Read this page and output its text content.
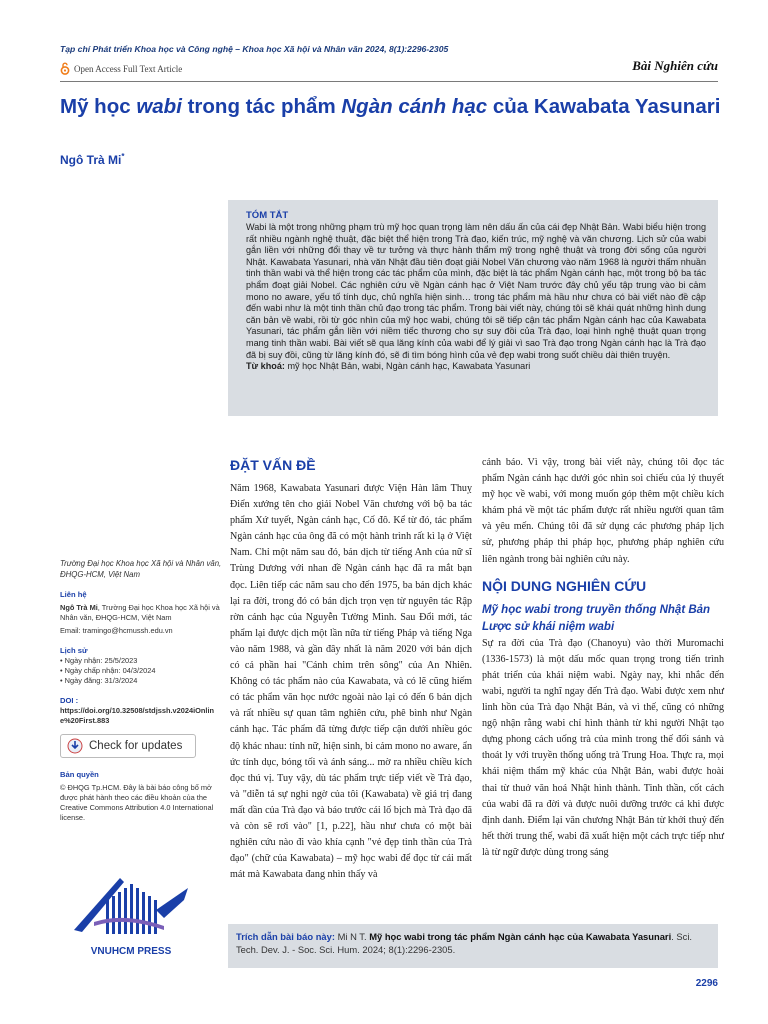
Tạp chí Phát triển Khoa học và Công nghệ – Khoa học Xã hội và Nhân văn 2024, 8(1):2296-2305
Open Access Full Text Article	Bài Nghiên cứu
Mỹ học wabi trong tác phẩm Ngàn cánh hạc của Kawabata Yasunari
Ngô Trà Mi*
TÓM TẮT
Wabi là một trong những phạm trù mỹ học quan trọng làm nên dấu ấn của cái đẹp Nhật Bản. Wabi biểu hiện trong rất nhiều ngành nghệ thuật, đặc biệt thể hiện trong Trà đạo, kiến trúc, mỹ nghệ và văn chương. Lịch sử của wabi gắn liền với những đổi thay về tư tưởng và thực hành thẩm mỹ trong nghệ thuật và trong đời sống của người Nhật. Kawabata Yasunari, nhà văn Nhật đầu tiên đoạt giải Nobel Văn chương vào năm 1968 là người thấm nhuần tinh thần wabi và thể hiện trong các tác phẩm của mình, đặc biệt là tác phẩm Ngàn cánh hạc, một trong bộ ba tác phẩm đoạt giải Nobel. Các nghiên cứu về Ngàn cánh hạc ở Việt Nam trước đây chủ yếu tập trung vào bi cảm mono no aware, yếu tố tính dục, chủ nghĩa hiện sinh… trong tác phẩm mà hầu như chưa có bài viết nào đề cập đến wabi như là một tinh thần chủ đạo trong tác phẩm. Trong bài viết này, chúng tôi sẽ khái quát những hình dung căn bản về wabi, rồi từ góc nhìn của mỹ học wabi, chúng tôi sẽ tiếp cận tác phẩm Ngàn cánh hạc của Kawabata Yasunari, tác phẩm gắn liền với niềm tiếc thương cho sự suy đồi của Trà đạo, loại hình nghệ thuật quan trọng mang tinh thần wabi. Bài viết sẽ qua lăng kính của wabi để lý giải vì sao Trà đạo trong Ngàn cánh hạc là Trà đạo đã bị suy đồi, cũng từ lăng kính đó, sẽ đi tìm bóng hình của vẻ đẹp wabi trong suốt chiều dài thiên truyện.
Từ khoá: mỹ học Nhật Bản, wabi, Ngàn cánh hạc, Kawabata Yasunari
Trường Đại học Khoa học Xã hội và Nhân văn, ĐHQG-HCM, Việt Nam
Liên hệ
Ngô Trà Mi, Trường Đại học Khoa học Xã hội và Nhân văn, ĐHQG-HCM, Việt Nam
Email: tramingo@hcmussh.edu.vn
Lịch sử
• Ngày nhận: 25/5/2023
• Ngày chấp nhận: 04/3/2024
• Ngày đăng: 31/3/2024
DOI :
https://doi.org/10.32508/stdjssh.v2024iOnline%20First.883
Check for updates
Bản quyền
© ĐHQG Tp.HCM. Đây là bài báo công bố mở được phát hành theo các điều khoản của the Creative Commons Attribution 4.0 International license.
VNUHCM PRESS
ĐẶT VẤN ĐỀ
Năm 1968, Kawabata Yasunari được Viện Hàn lâm Thuỵ Điển xướng tên cho giải Nobel Văn chương với bộ ba tác phẩm Xứ tuyết, Ngàn cánh hạc, Cố đô. Kể từ đó, tác phẩm Ngàn cánh hạc của ông đã có một hành trình rất kì lạ ở Việt Nam. Chỉ một năm sau đó, bản dịch từ tiếng Anh của nữ sĩ Trùng Dương với nhan đề Ngàn cánh hạc đã ra mắt bạn đọc. Liên tiếp các năm sau cho đến 1975, ba bản dịch khác lại ra đời, trong đó có bản dịch trọn vẹn từ nguyên tác Rập rờn cánh hạc của Nguyễn Tường Minh. Sau Đổi mới, tác phẩm lại được dịch một lần nữa từ tiếng Pháp và tiếng Nga vào năm 1988, và gần đây nhất là năm 2020 với bản dịch có cả phần hai "Cánh chim trên sông" của An Nhiên. Không có tác phẩm nào của Kawabata, và có lẽ cũng hiếm có tác phẩm văn học nước ngoài nào lại có đến 6 bản dịch và rất nhiều sự quan tâm nghiên cứu, phê bình như Ngàn cánh hạc. Tác phẩm đã từng được tiếp cận dưới nhiều góc độ khác nhau: tính nữ, hiện sinh, bi cảm mono no aware, ẩn ức tính dục, bóng tối và ánh sáng... mờ ra nhiều chiều kích đọc thú vị. Tuy vậy, dù tác phẩm trực tiếp viết về Trà đạo, và "diễn tả sự nghi ngờ của tôi (Kawabata) về giá trị đang mất dần của Trà đạo và báo trước cái lố bịch mà Trà đạo đã và còn sẽ rơi vào" [1, p.22], hầu như chưa có một bài nghiên cứu nào đi vào khía cạnh "vẻ đẹp tinh thần của Trà đạo" (chữ của Kawabata) – mỹ học wabi để đọc từ cái mất mát mà Kawabata đang nhìn thấy và
cảnh báo. Vì vậy, trong bài viết này, chúng tôi đọc tác phẩm Ngàn cánh hạc dưới góc nhìn soi chiếu của lý thuyết mỹ học về wabi, với mong muốn góp thêm một chiều kích khám phá về một tác phẩm được rất nhiều người quan tâm và yêu mến. Chúng tôi đã sử dụng các phương pháp lịch sử, phương pháp thi pháp học, phương pháp nghiên cứu liên ngành trong bài nghiên cứu này.
NỘI DUNG NGHIÊN CỨU
Mỹ học wabi trong truyền thống Nhật Bản
Lược sử khái niệm wabi
Sự ra đời của Trà đạo (Chanoyu) vào thời Muromachi (1336-1573) là một dấu mốc quan trọng trong tiến trình phát triển của khái niệm wabi. Ngày nay, khi nhắc đến wabi, người ta nghĩ ngay đến Trà đạo. Wabi được xem như linh hồn của Trà đạo Nhật Bản, và vì thế, cũng có những ngộ nhận rằng wabi chỉ hình thành từ khi người Nhật tạo dựng phong cách uống trà của mình trong thế đối sánh và thoát ly với truyền thống uống trà Trung Hoa. Thực ra, mọi khái niệm thẩm mỹ khác của Nhật Bản, wabi được hoài thai từ thuở văn hoá Nhật hình thành. Tinh thần, cốt cách của wabi đã ra đời và được nuôi dưỡng trước cả khi được định danh. Điểm lại văn chương Nhật Bản từ khởi thuỷ đến hết thời trung thế, wabi đã xuất hiện một cách trực tiếp như là từ ngữ được dùng trong sáng
Trích dẫn bài báo này: Mi N T. Mỹ học wabi trong tác phẩm Ngàn cánh hạc của Kawabata Yasunari. Sci. Tech. Dev. J. - Soc. Sci. Hum. 2024; 8(1):2296-2305.
2296
